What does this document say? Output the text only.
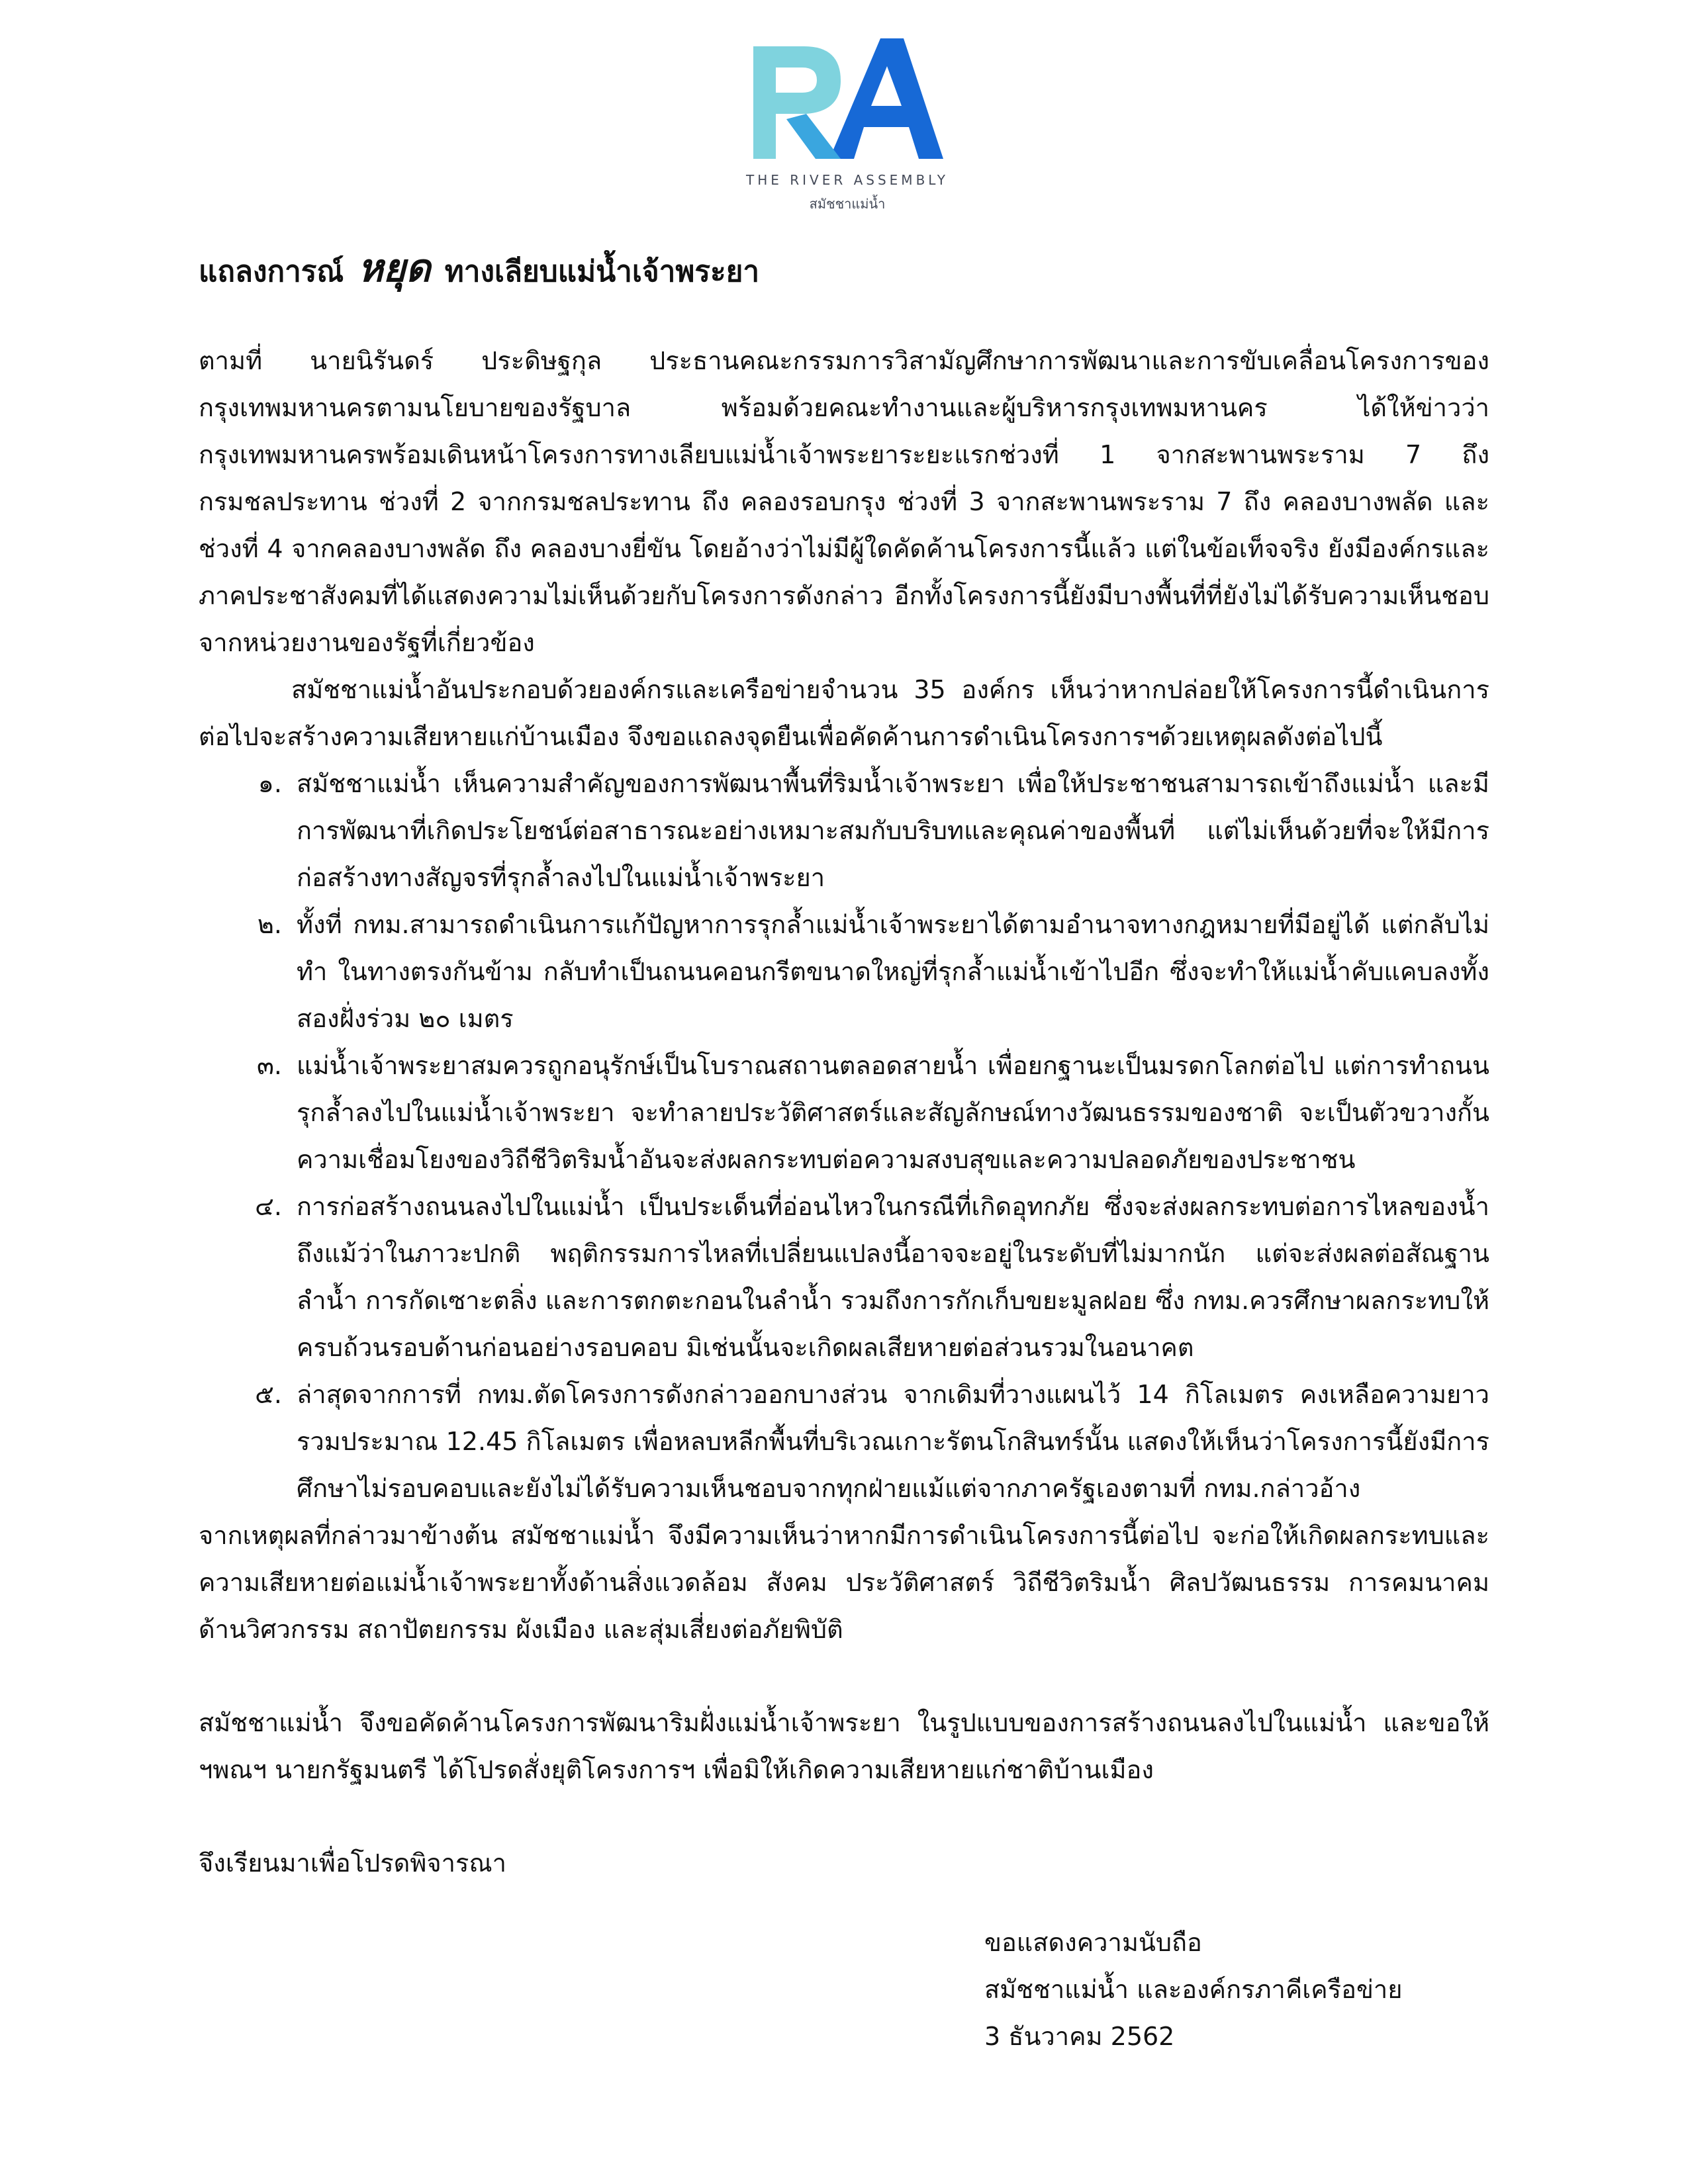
THE RIVER ASSEMBLY
สมัชชาแม่น้ำ
แถลงการณ์ หยุด ทางเลียบแม่น้ำเจ้าพระยา

ตามที่ นายนิรันดร์ ประดิษฐกุล ประธานคณะกรรมการวิสามัญศึกษาการพัฒนาและการขับเคลื่อนโครงการของกรุงเทพมหานครตามนโยบายของรัฐบาล พร้อมด้วยคณะทำงานและผู้บริหารกรุงเทพมหานคร ได้ให้ข่าวว่า กรุงเทพมหานครพร้อมเดินหน้าโครงการทางเลียบแม่น้ำเจ้าพระยาระยะแรกช่วงที่ 1 จากสะพานพระราม 7 ถึง กรมชลประทาน ช่วงที่ 2 จากกรมชลประทาน ถึง คลองรอบกรุง ช่วงที่ 3 จากสะพานพระราม 7 ถึง คลองบางพลัด และ ช่วงที่ 4 จากคลองบางพลัด ถึง คลองบางยี่ขัน โดยอ้างว่าไม่มีผู้ใดคัดค้านโครงการนี้แล้ว แต่ในข้อเท็จจริง ยังมีองค์กรและภาคประชาสังคมที่ได้แสดงความไม่เห็นด้วยกับโครงการดังกล่าว อีกทั้งโครงการนี้ยังมีบางพื้นที่ที่ยังไม่ได้รับความเห็นชอบจากหน่วยงานของรัฐที่เกี่ยวข้อง

สมัชชาแม่น้ำอันประกอบด้วยองค์กรและเครือข่ายจำนวน 35 องค์กร เห็นว่าหากปล่อยให้โครงการนี้ดำเนินการต่อไปจะสร้างความเสียหายแก่บ้านเมือง จึงขอแถลงจุดยืนเพื่อคัดค้านการดำเนินโครงการฯด้วยเหตุผลดังต่อไปนี้

๑. สมัชชาแม่น้ำ เห็นความสำคัญของการพัฒนาพื้นที่ริมน้ำเจ้าพระยา เพื่อให้ประชาชนสามารถเข้าถึงแม่น้ำ และมีการพัฒนาที่เกิดประโยชน์ต่อสาธารณะอย่างเหมาะสมกับบริบทและคุณค่าของพื้นที่ แต่ไม่เห็นด้วยที่จะให้มีการก่อสร้างทางสัญจรที่รุกล้ำลงไปในแม่น้ำเจ้าพระยา
๒. ทั้งที่ กทม.สามารถดำเนินการแก้ปัญหาการรุกล้ำแม่น้ำเจ้าพระยาได้ตามอำนาจทางกฎหมายที่มีอยู่ได้ แต่กลับไม่ทำ ในทางตรงกันข้าม กลับทำเป็นถนนคอนกรีตขนาดใหญ่ที่รุกล้ำแม่น้ำเข้าไปอีก ซึ่งจะทำให้แม่น้ำคับแคบลงทั้งสองฝั่งร่วม ๒๐ เมตร
๓. แม่น้ำเจ้าพระยาสมควรถูกอนุรักษ์เป็นโบราณสถานตลอดสายน้ำ เพื่อยกฐานะเป็นมรดกโลกต่อไป แต่การทำถนนรุกล้ำลงไปในแม่น้ำเจ้าพระยา จะทำลายประวัติศาสตร์และสัญลักษณ์ทางวัฒนธรรมของชาติ จะเป็นตัวขวางกั้นความเชื่อมโยงของวิถีชีวิตริมน้ำอันจะส่งผลกระทบต่อความสงบสุขและความปลอดภัยของประชาชน
๔. การก่อสร้างถนนลงไปในแม่น้ำ เป็นประเด็นที่อ่อนไหวในกรณีที่เกิดอุทกภัย ซึ่งจะส่งผลกระทบต่อการไหลของน้ำ ถึงแม้ว่าในภาวะปกติ พฤติกรรมการไหลที่เปลี่ยนแปลงนี้อาจจะอยู่ในระดับที่ไม่มากนัก แต่จะส่งผลต่อสัณฐานลำน้ำ การกัดเซาะตลิ่ง และการตกตะกอนในลำน้ำ รวมถึงการกักเก็บขยะมูลฝอย ซึ่ง กทม.ควรศึกษาผลกระทบให้ครบถ้วนรอบด้านก่อนอย่างรอบคอบ มิเช่นนั้นจะเกิดผลเสียหายต่อส่วนรวมในอนาคต
๕. ล่าสุดจากการที่ กทม.ตัดโครงการดังกล่าวออกบางส่วน จากเดิมที่วางแผนไว้ 14 กิโลเมตร คงเหลือความยาวรวมประมาณ 12.45 กิโลเมตร เพื่อหลบหลีกพื้นที่บริเวณเกาะรัตนโกสินทร์นั้น แสดงให้เห็นว่าโครงการนี้ยังมีการศึกษาไม่รอบคอบและยังไม่ได้รับความเห็นชอบจากทุกฝ่ายแม้แต่จากภาครัฐเองตามที่ กทม.กล่าวอ้าง

จากเหตุผลที่กล่าวมาข้างต้น สมัชชาแม่น้ำ จึงมีความเห็นว่าหากมีการดำเนินโครงการนี้ต่อไป จะก่อให้เกิดผลกระทบและความเสียหายต่อแม่น้ำเจ้าพระยาทั้งด้านสิ่งแวดล้อม สังคม ประวัติศาสตร์ วิถีชีวิตริมน้ำ ศิลปวัฒนธรรม การคมนาคม ด้านวิศวกรรม สถาปัตยกรรม ผังเมือง และสุ่มเสี่ยงต่อภัยพิบัติ

สมัชชาแม่น้ำ จึงขอคัดค้านโครงการพัฒนาริมฝั่งแม่น้ำเจ้าพระยา ในรูปแบบของการสร้างถนนลงไปในแม่น้ำ และขอให้ ฯพณฯ นายกรัฐมนตรี ได้โปรดสั่งยุติโครงการฯ เพื่อมิให้เกิดความเสียหายแก่ชาติบ้านเมือง

จึงเรียนมาเพื่อโปรดพิจารณา

ขอแสดงความนับถือ
สมัชชาแม่น้ำ และองค์กรภาคีเครือข่าย
3 ธันวาคม 2562
